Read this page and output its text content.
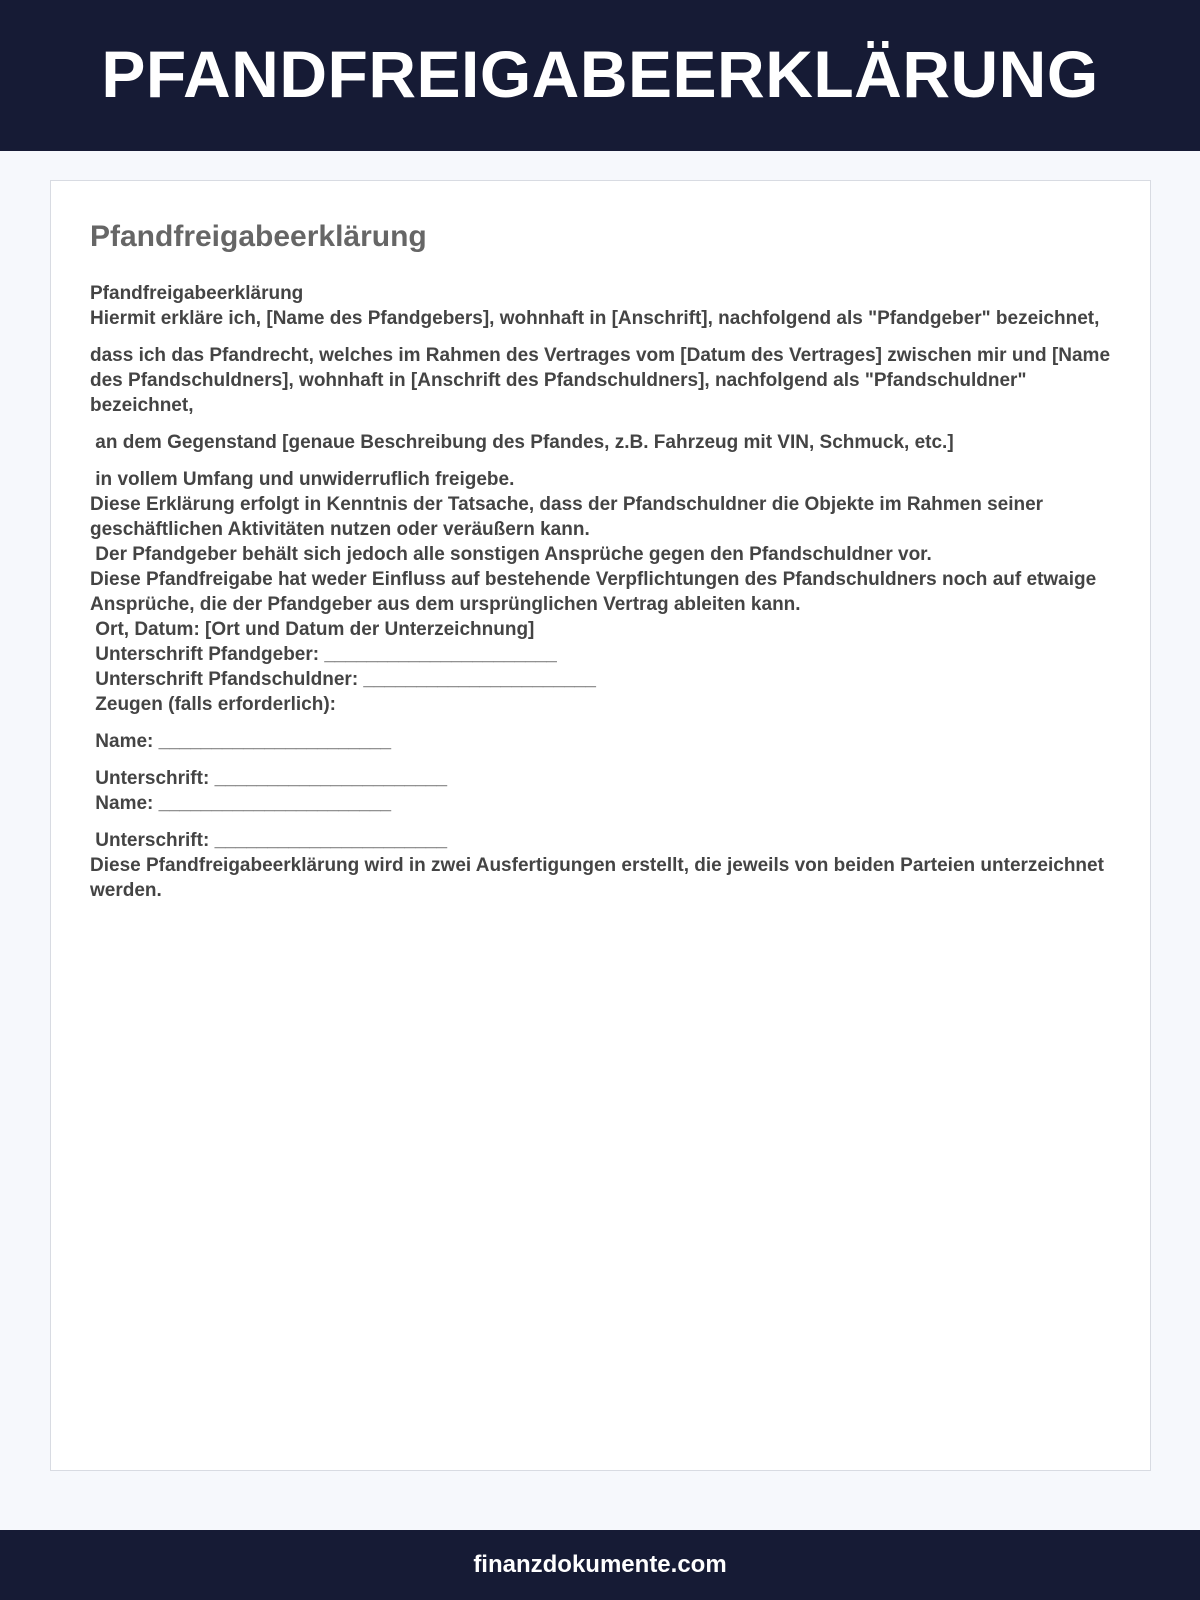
PFANDFREIGABEERKLÄRUNG
Pfandfreigabeerklärung
Pfandfreigabeerklärung
Hiermit erkläre ich, [Name des Pfandgebers], wohnhaft in [Anschrift], nachfolgend als "Pfandgeber" bezeichnet,
dass ich das Pfandrecht, welches im Rahmen des Vertrages vom [Datum des Vertrages] zwischen mir und [Name des Pfandschuldners], wohnhaft in [Anschrift des Pfandschuldners], nachfolgend als "Pfandschuldner" bezeichnet,
an dem Gegenstand [genaue Beschreibung des Pfandes, z.B. Fahrzeug mit VIN, Schmuck, etc.]
in vollem Umfang und unwiderruflich freigebe.
Diese Erklärung erfolgt in Kenntnis der Tatsache, dass der Pfandschuldner die Objekte im Rahmen seiner geschäftlichen Aktivitäten nutzen oder veräußern kann.
Der Pfandgeber behält sich jedoch alle sonstigen Ansprüche gegen den Pfandschuldner vor.
Diese Pfandfreigabe hat weder Einfluss auf bestehende Verpflichtungen des Pfandschuldners noch auf etwaige Ansprüche, die der Pfandgeber aus dem ursprünglichen Vertrag ableiten kann.
Ort, Datum: [Ort und Datum der Unterzeichnung]
Unterschrift Pfandgeber: ______________________
Unterschrift Pfandschuldner: ______________________
Zeugen (falls erforderlich):
Name: ______________________
Unterschrift: ______________________
Name: ______________________
Unterschrift: ______________________
Diese Pfandfreigabeerklärung wird in zwei Ausfertigungen erstellt, die jeweils von beiden Parteien unterzeichnet werden.
finanzdokumente.com
